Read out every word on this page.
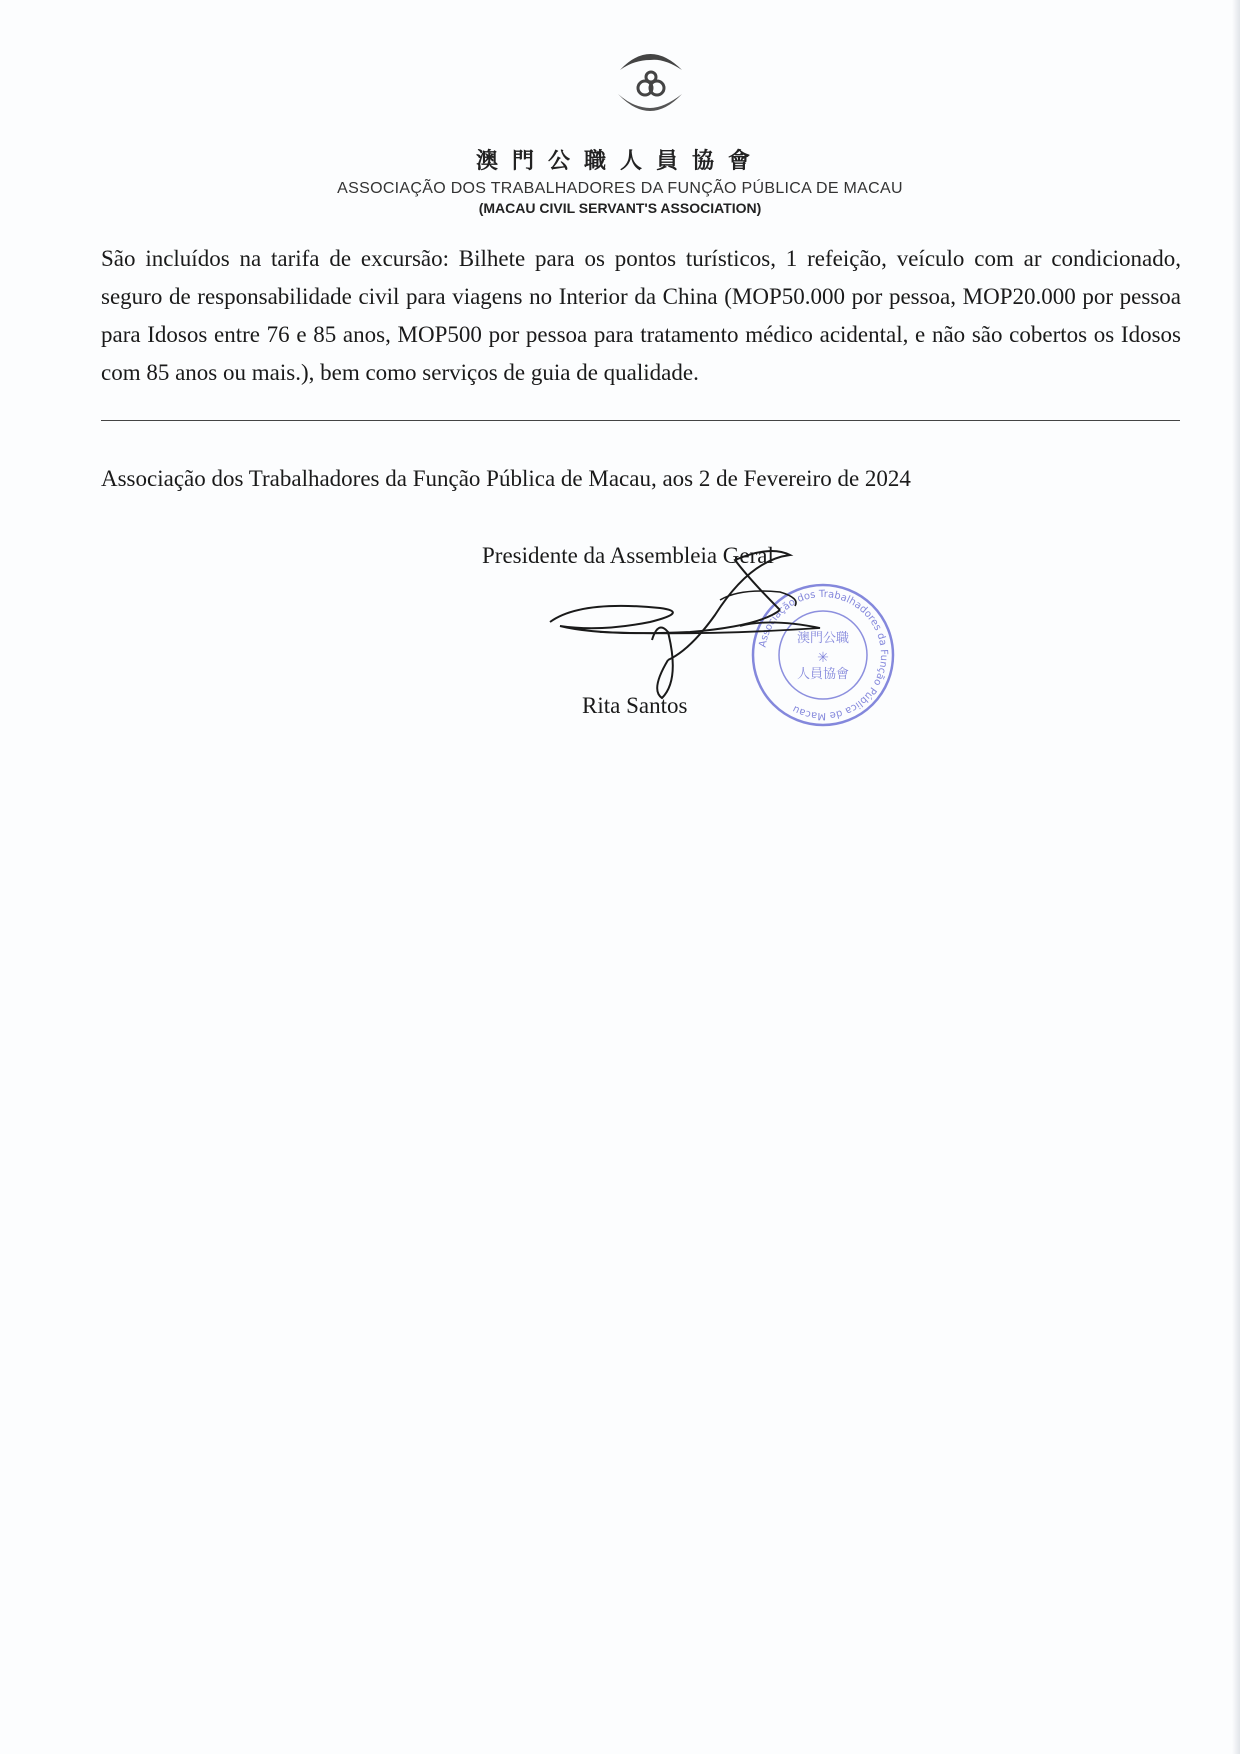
澳門公職人員協會
ASSOCIAÇÃO DOS TRABALHADORES DA FUNÇÃO PÚBLICA DE MACAU
(MACAU CIVIL SERVANT'S ASSOCIATION)

São incluídos na tarifa de excursão: Bilhete para os pontos turísticos, 1 refeição, veículo com ar condicionado, seguro de responsabilidade civil para viagens no Interior da China (MOP50.000 por pessoa, MOP20.000 por pessoa para Idosos entre 76 e 85 anos, MOP500 por pessoa para tratamento médico acidental, e não são cobertos os Idosos com 85 anos ou mais.), bem como serviços de guia de qualidade.

Associação dos Trabalhadores da Função Pública de Macau, aos 2 de Fevereiro de 2024

Presidente da Assembleia Geral

Associação dos Trabalhadores da Função Pública de Macau
澳門公職
人員協會
✳

Rita Santos
